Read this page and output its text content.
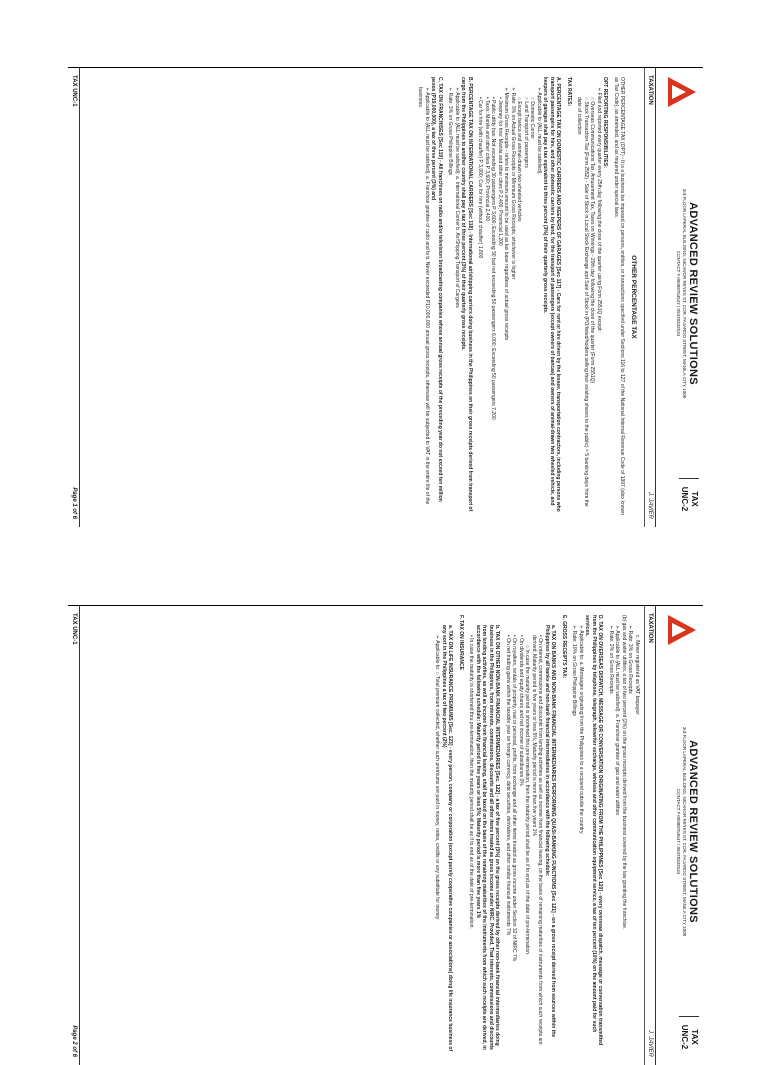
ADVANCED REVIEW SOLUTIONS
3rd FLOOR LAPERAL BUILDING, NICANOR REYES ST. COR. FAJARDO STREET, MANILA CITY 1008
CONTACT # 09988754547 / 09478332534
TAX
UNC-2
TAXATION
J. JAVIER
OTHER PERCENTAGE TAX
OTHER PERCENTAGE TAX (OPT) - It is a business tax imposed on persons, entities, or transactions specified under Sections 116 to 127 of the National Internal Revenue Code of 1997 (also known as Tax Code), as amended, and as required under special laws.
OPT REPORTING RESPONSIBILITIES:
➢ Filed and reported every quarter every 25th day following the close of the quarter using Form 2551Q except:
○ Overseas Communications Tax, Amusement Tax, Taxes on Winnings - 20th day following the close of the quarter (Form 2551Q)
○ Stock Transaction Tax (Form 2552) - Sale of Stock in Local Stock Exchange and Sale of Stock in (PO/listed/holders selling their existing shares to the public) = 5 banking days from the date of collection
TAX RATES:
A. PERCENTAGE TAX ON DOMESTIC CARRIERS AND KEEPERS OF GARAGES [Sec 117] - Cars for rent or hire driven by the lessee, transportation contractors, including persons who transport passengers for hire, and other domestic carriers by land, for the transport of passengers (except owners of bancas) and owners of animal-drawn two wheeled vehicle, and keepers of garages shall pay a tax equivalent to three percent (3%) of their quarterly gross receipts.
➢ Applicable to (ALL must be satisfied):
○ Domestic Carrier
○ Land Transport of passengers
○ Except banca and animal-drawn two wheeled vehicles
➢ Rate: 3% on Actual Gross Receipts or Minimum Gross Receipts, whichever is higher
➢ Minimum Gross Receipts - refers to minimum amount to be used as tax base regardless of actual gross receipts
• Jeepney for hire: Manila and other cities P 2,400; Provincial 1,200
• Public utility bus: Not exceeding 30 passengers P 3,600; Exceeding 30 but not exceeding 50 passengers 6,000; Exceeding 50 passengers 7,200
• Taxis: Manila and other cities P 3,600; Provincial 2,400
• Car for hire (with chauffer) P 3,000; Car for hire (without chauffer) 1,800
B. PERCENTAGE TAX ON INTERNATIONAL CARRIERS [Sec 118] - International air/shipping carriers doing business in the Philippines on their gross receipts derived from transport of cargo from the Philippines to another country shall pay a tax of three percent (3%) of their quarterly gross receipts.
➢ Applicable to (ALL must be satisfied): a. International Carrier b. Air/Shipping Transport of Cargoes
➢ Rate: 3% on Gross Philippine Billings
C. TAX ON FRANCHISES [Sec 119] - All franchises on radio and/or television broadcasting companies whose annual gross receipts of the preceding year do not exceed ten million pesos (P10,000,000), a tax of three percent (3%) and
➢ Applicable to (ALL must be satisfied): a. Franchise grantee of radio and tv b. Never exceeded P10,000,000 annual gross receipts, otherwise will be subjected to VAT in the entire life of the business.
TAX UNC-1
Page 1 of 6
ADVANCED REVIEW SOLUTIONS
3rd FLOOR LAPERAL BUILDING, NICANOR REYES ST. COR. FAJARDO STREET, MANILA CITY 1008
CONTACT # 09988754547 / 09478332534
TAX
UNC-2
TAXATION
J. JAVIER
c. Never registered as VAT taxpayer
➢ Rate: 3% on Gross Receipts
(b) gas and water utilities, a tax of two percent (2%) on the gross receipts derived from the business covered by the law granting the franchise.
➢ Applicable to (ALL must be satisfied): a. Franchise grantee of gas and water utilities
➢ Rate: 2% on Gross Receipts
D. TAX ON OVERSEAS DISPATCH, MESSAGE OR CONVERSATION ORIGINATING FROM THE PHILIPPINES [Sec 120] - every overseas dispatch, message or conversation transmitted from the Philippines by telephone, telegraph, telewriter exchange, wireless and other communication equipment service, a tax of ten percent (10%) on the amount paid for such services.
➢ Applicable to: a. Messages originating from the Philippines to a recipient outside the country.
➢ Rate: 10% on Gross Philippine Billings
E. GROSS RECEIPTS TAX:
a. TAX ON BANKS AND NON-BANK FINANCIAL INTERMEDIARIES PERFORMING QUASI-BANKING FUNCTIONS [Sec 121] - on a gross receipt derived from sources within the Philippines by all banks and non-bank financial intermediaries in accordance with the following schedule:
• On interest, commissions and discounts from lending activities as well as income from financial leasing, on the basis of remaining maturities of instruments from which such receipts are derived: Maturity period is five years or less 5%; Maturity period is more than five years 1%
○ In case the maturity period is shortened thru pre-termination, then the maturity period shall be as if to end as of the date of pre-termination.
• On dividends and equity shares and net income of subsidiaries 0%
• On royalties, rentals of property, real or personal, profits, from exchange and all other items treated as gross income under Section 32 of NIRC 7%
• On net trading gains within the taxable year on foreign currency, debt securities, derivatives, and other similar financial instruments 7%
b. TAX ON OTHER NON-BANK FINANCIAL INTERMEDIARIES [Sec. 122] - a tax of five percent (5%) on the gross receipts derived by other non-bank financial intermediaries doing business in the Philippines, from interests, commissions, discounts and all other items treated as gross income under NIRC. Provided, That interests, commissions and discounts from lending activities, as well as income from financial leasing, shall be taxed on the basis of the remaining maturities of the instruments from which such receipts are derived, in accordance with the following schedule: Maturity period is five years or less 5%; Maturity period is more than five years 1%
• In case the maturity is shortened thru pre-termination, then the maturity period shall be as if to end as of the date of pre-termination.
F. TAX ON INSURANCE
a. TAX ON LIFE INSURANCE PREMIUMS [Sec. 123] - every person, company or corporation (except purely cooperative companies or associations) doing life insurance business of any sort in the Philippines a tax of two percent (2%)
➢ Applicable to: ○ Total premium collected, whether such premiums are paid in money, notes, credits or any substitute for money
TAX UNC-1
Page 2 of 6
